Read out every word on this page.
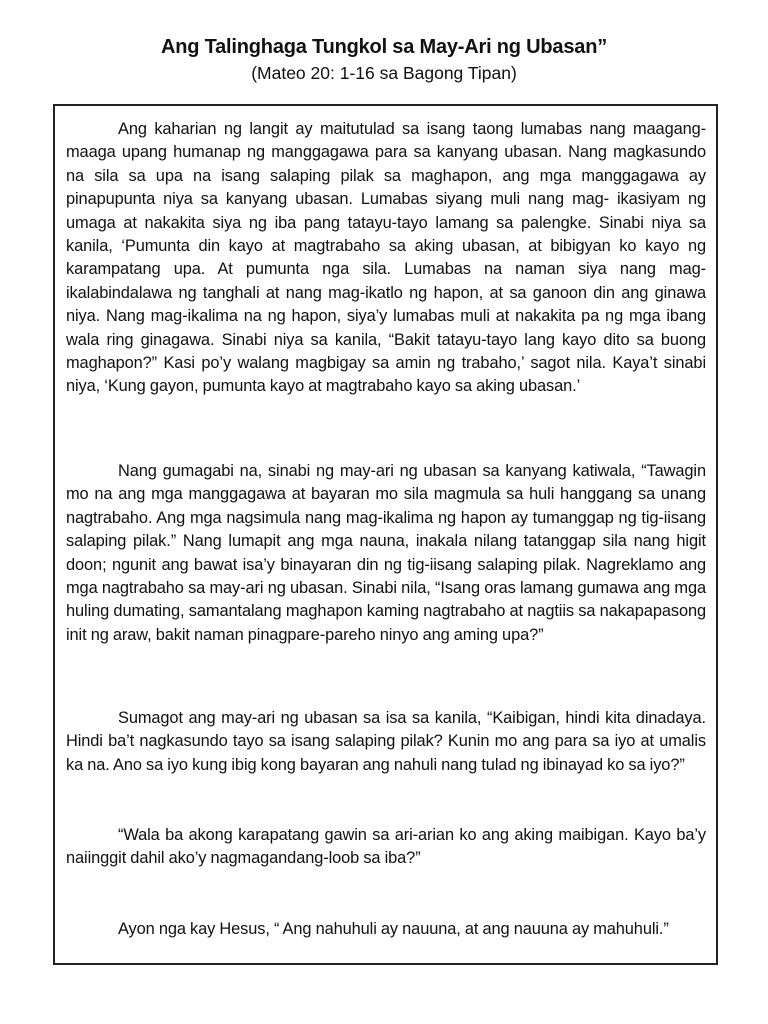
Ang Talinghaga Tungkol sa May-Ari ng Ubasan”

(Mateo 20: 1-16 sa Bagong Tipan)

Ang kaharian ng langit ay maitutulad sa isang taong lumabas nang maagang-maaga upang humanap ng manggagawa para sa kanyang ubasan. Nang magkasundo na sila sa upa na isang salaping pilak sa maghapon, ang mga manggagawa ay pinapupunta niya sa kanyang ubasan. Lumabas siyang muli nang mag- ikasiyam ng umaga at nakakita siya ng iba pang tatayu-tayo lamang sa palengke. Sinabi niya sa kanila, ‘Pumunta din kayo at magtrabaho sa aking ubasan, at bibigyan ko kayo ng karampatang upa. At pumunta nga sila. Lumabas na naman siya nang mag-ikalabindalawa ng tanghali at nang mag-ikatlo ng hapon, at sa ganoon din ang ginawa niya. Nang mag-ikalima na ng hapon, siya’y lumabas muli at nakakita pa ng mga ibang wala ring ginagawa. Sinabi niya sa kanila, “Bakit tatayu-tayo lang kayo dito sa buong maghapon?” Kasi po’y walang magbigay sa amin ng trabaho,’ sagot nila. Kaya’t sinabi niya, ‘Kung gayon, pumunta kayo at magtrabaho kayo sa aking ubasan.’

Nang gumagabi na, sinabi ng may-ari ng ubasan sa kanyang katiwala, “Tawagin mo na ang mga manggagawa at bayaran mo sila magmula sa huli hanggang sa unang nagtrabaho. Ang mga nagsimula nang mag-ikalima ng hapon ay tumanggap ng tig-iisang salaping pilak.” Nang lumapit ang mga nauna, inakala nilang tatanggap sila nang higit doon; ngunit ang bawat isa’y binayaran din ng tig-iisang salaping pilak. Nagreklamo ang mga nagtrabaho sa may-ari ng ubasan. Sinabi nila, “Isang oras lamang gumawa ang mga huling dumating, samantalang maghapon kaming nagtrabaho at nagtiis sa nakapapasong init ng araw, bakit naman pinagpare-pareho ninyo ang aming upa?”

Sumagot ang may-ari ng ubasan sa isa sa kanila, “Kaibigan, hindi kita dinadaya. Hindi ba’t nagkasundo tayo sa isang salaping pilak? Kunin mo ang para sa iyo at umalis ka na. Ano sa iyo kung ibig kong bayaran ang nahuli nang tulad ng ibinayad ko sa iyo?”

“Wala ba akong karapatang gawin sa ari-arian ko ang aking maibigan. Kayo ba’y naiinggit dahil ako’y nagmagandang-loob sa iba?”

Ayon nga kay Hesus, “ Ang nahuhuli ay nauuna, at ang nauuna ay mahuhuli.”
